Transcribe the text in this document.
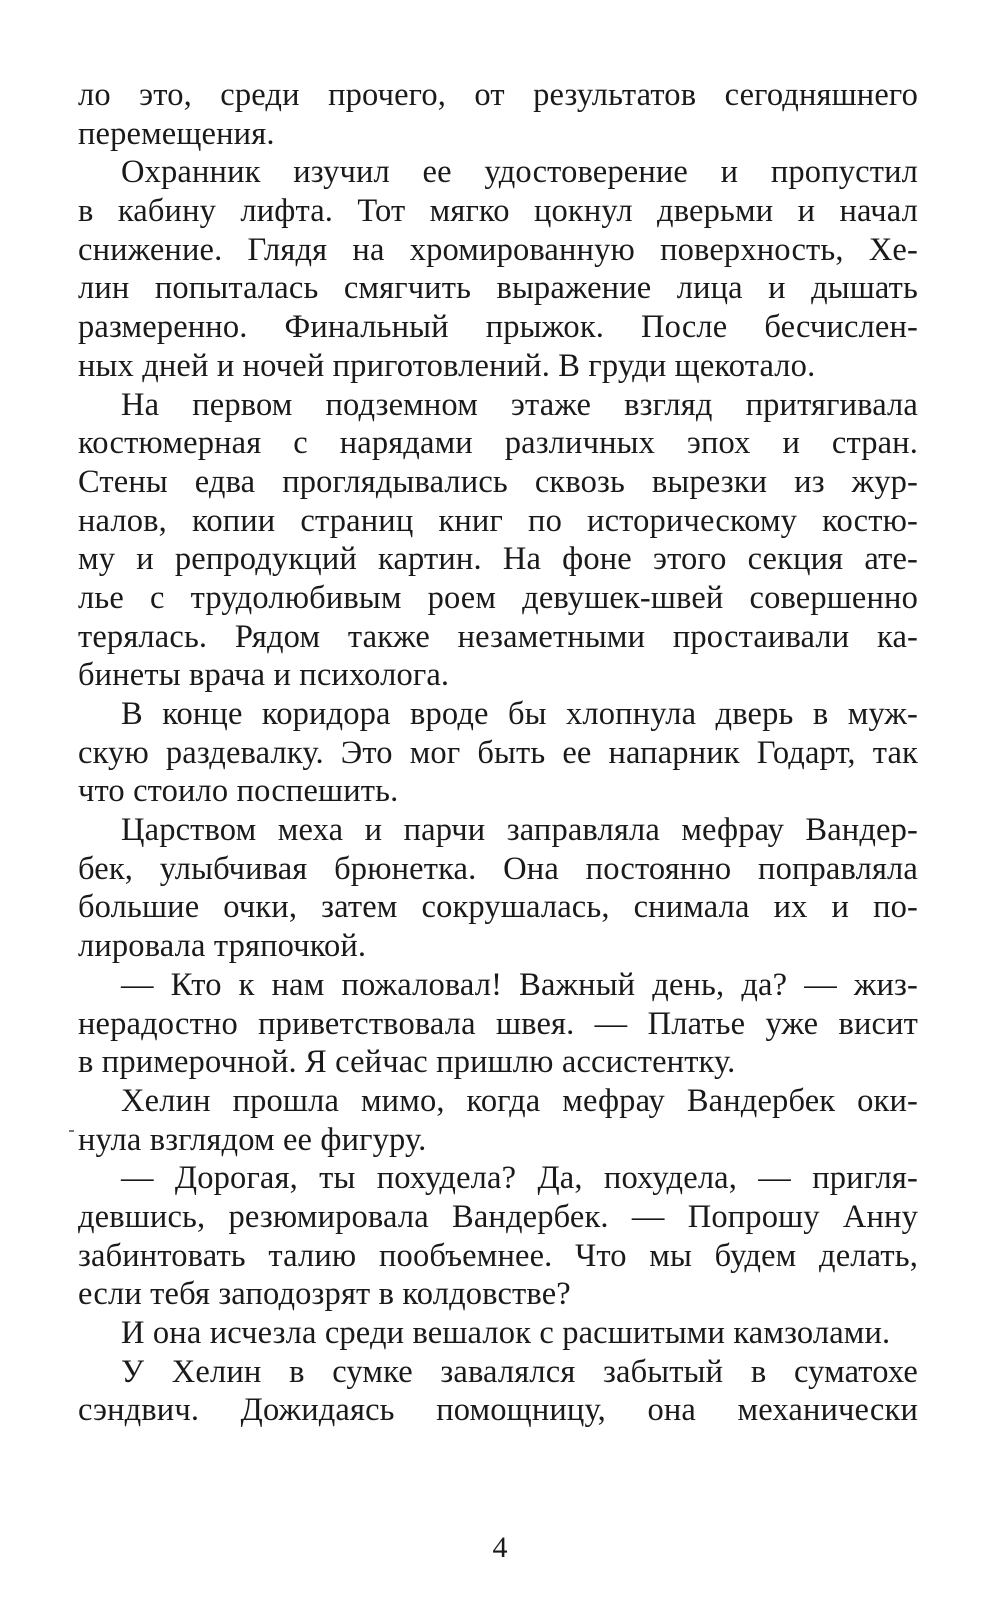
ло это, среди прочего, от результатов сегодняшнего
перемещения.
Охранник изучил ее удостоверение и пропустил
в кабину лифта. Тот мягко цокнул дверьми и начал
снижение. Глядя на хромированную поверхность, Хе-
лин попыталась смягчить выражение лица и дышать
размеренно. Финальный прыжок. После бесчислен-
ных дней и ночей приготовлений. В груди щекотало.
На первом подземном этаже взгляд притягивала
костюмерная с нарядами различных эпох и стран.
Стены едва проглядывались сквозь вырезки из жур-
налов, копии страниц книг по историческому костю-
му и репродукций картин. На фоне этого секция ате-
лье с трудолюбивым роем девушек-швей совершенно
терялась. Рядом также незаметными простаивали ка-
бинеты врача и психолога.
В конце коридора вроде бы хлопнула дверь в муж-
скую раздевалку. Это мог быть ее напарник Годарт, так
что стоило поспешить.
Царством меха и парчи заправляла мефрау Вандер-
бек, улыбчивая брюнетка. Она постоянно поправляла
большие очки, затем сокрушалась, снимала их и по-
лировала тряпочкой.
— Кто к нам пожаловал! Важный день, да? — жиз-
нерадостно приветствовала швея. — Платье уже висит
в примерочной. Я сейчас пришлю ассистентку.
Хелин прошла мимо, когда мефрау Вандербек оки-
нула взглядом ее фигуру.
— Дорогая, ты похудела? Да, похудела, — пригля-
девшись, резюмировала Вандербек. — Попрошу Анну
забинтовать талию пообъемнее. Что мы будем делать,
если тебя заподозрят в колдовстве?
И она исчезла среди вешалок с расшитыми камзолами.
У Хелин в сумке завалялся забытый в суматохе
сэндвич. Дожидаясь помощницу, она механически
4
